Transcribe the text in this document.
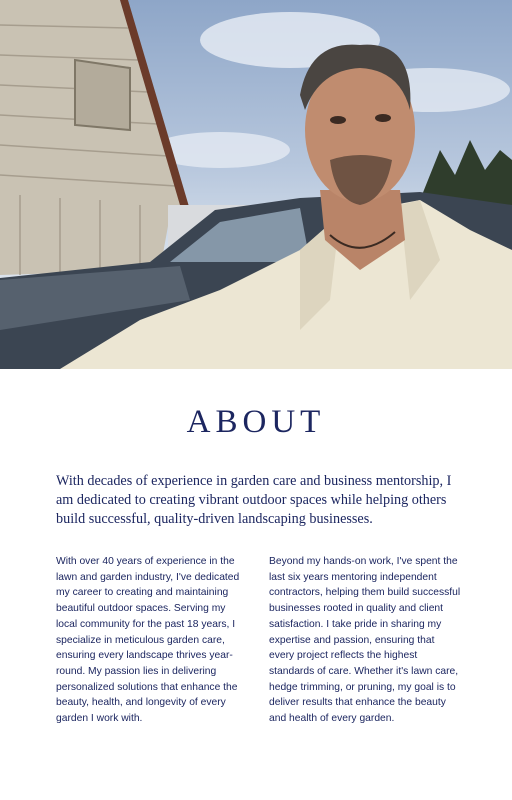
ABOUT

With decades of experience in garden care and business mentorship, I am dedicated to creating vibrant outdoor spaces while helping others build successful, quality-driven landscaping businesses.

With over 40 years of experience in the lawn and garden industry, I've dedicated my career to creating and maintaining beautiful outdoor spaces. Serving my local community for the past 18 years, I specialize in meticulous garden care, ensuring every landscape thrives year-round. My passion lies in delivering personalized solutions that enhance the beauty, health, and longevity of every garden I work with.

Beyond my hands-on work, I've spent the last six years mentoring independent contractors, helping them build successful businesses rooted in quality and client satisfaction. I take pride in sharing my expertise and passion, ensuring that every project reflects the highest standards of care. Whether it's lawn care, hedge trimming, or pruning, my goal is to deliver results that enhance the beauty and health of every garden.
